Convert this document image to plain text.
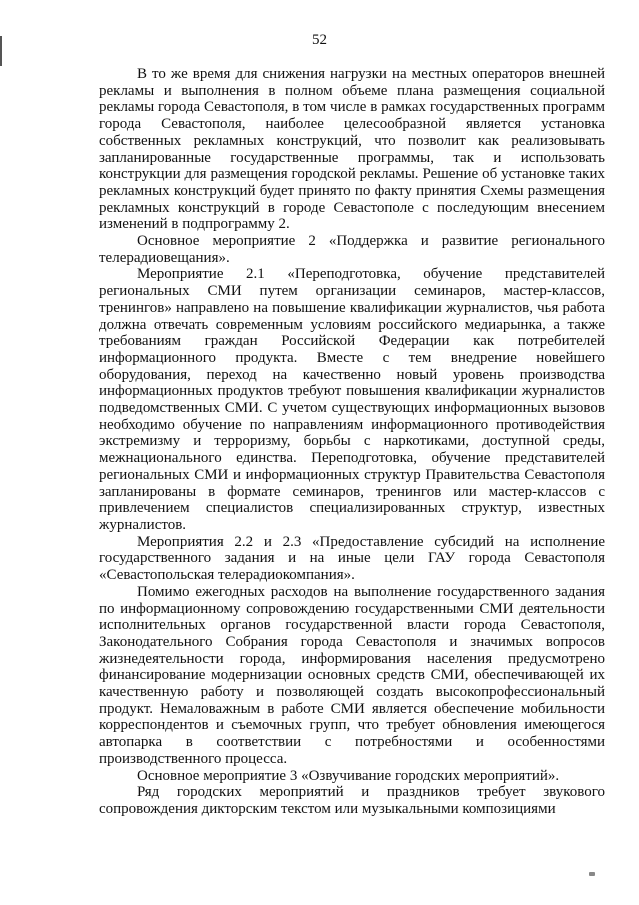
52

В то же время для снижения нагрузки на местных операторов внешней рекламы и выполнения в полном объеме плана размещения социальной рекламы города Севастополя, в том числе в рамках государственных программ города Севастополя, наиболее целесообразной является установка собственных рекламных конструкций, что позволит как реализовывать запланированные государственные программы, так и использовать конструкции для размещения городской рекламы. Решение об установке таких рекламных конструкций будет принято по факту принятия Схемы размещения рекламных конструкций в городе Севастополе с последующим внесением изменений в подпрограмму 2.

Основное мероприятие 2 «Поддержка и развитие регионального телерадиовещания».

Мероприятие 2.1 «Переподготовка, обучение представителей региональных СМИ путем организации семинаров, мастер-классов, тренингов» направлено на повышение квалификации журналистов, чья работа должна отвечать современным условиям российского медиарынка, а также требованиям граждан Российской Федерации как потребителей информационного продукта. Вместе с тем внедрение новейшего оборудования, переход на качественно новый уровень производства информационных продуктов требуют повышения квалификации журналистов подведомственных СМИ. С учетом существующих информационных вызовов необходимо обучение по направлениям информационного противодействия экстремизму и терроризму, борьбы с наркотиками, доступной среды, межнационального единства. Переподготовка, обучение представителей региональных СМИ и информационных структур Правительства Севастополя запланированы в формате семинаров, тренингов или мастер-классов с привлечением специалистов специализированных структур, известных журналистов.

Мероприятия 2.2 и 2.3 «Предоставление субсидий на исполнение государственного задания и на иные цели ГАУ города Севастополя «Севастопольская телерадиокомпания».

Помимо ежегодных расходов на выполнение государственного задания по информационному сопровождению государственными СМИ деятельности исполнительных органов государственной власти города Севастополя, Законодательного Собрания города Севастополя и значимых вопросов жизнедеятельности города, информирования населения предусмотрено финансирование модернизации основных средств СМИ, обеспечивающей их качественную работу и позволяющей создать высокопрофессиональный продукт. Немаловажным в работе СМИ является обеспечение мобильности корреспондентов и съемочных групп, что требует обновления имеющегося автопарка в соответствии с потребностями и особенностями производственного процесса.

Основное мероприятие 3 «Озвучивание городских мероприятий».

Ряд городских мероприятий и праздников требует звукового сопровождения дикторским текстом или музыкальными композициями
